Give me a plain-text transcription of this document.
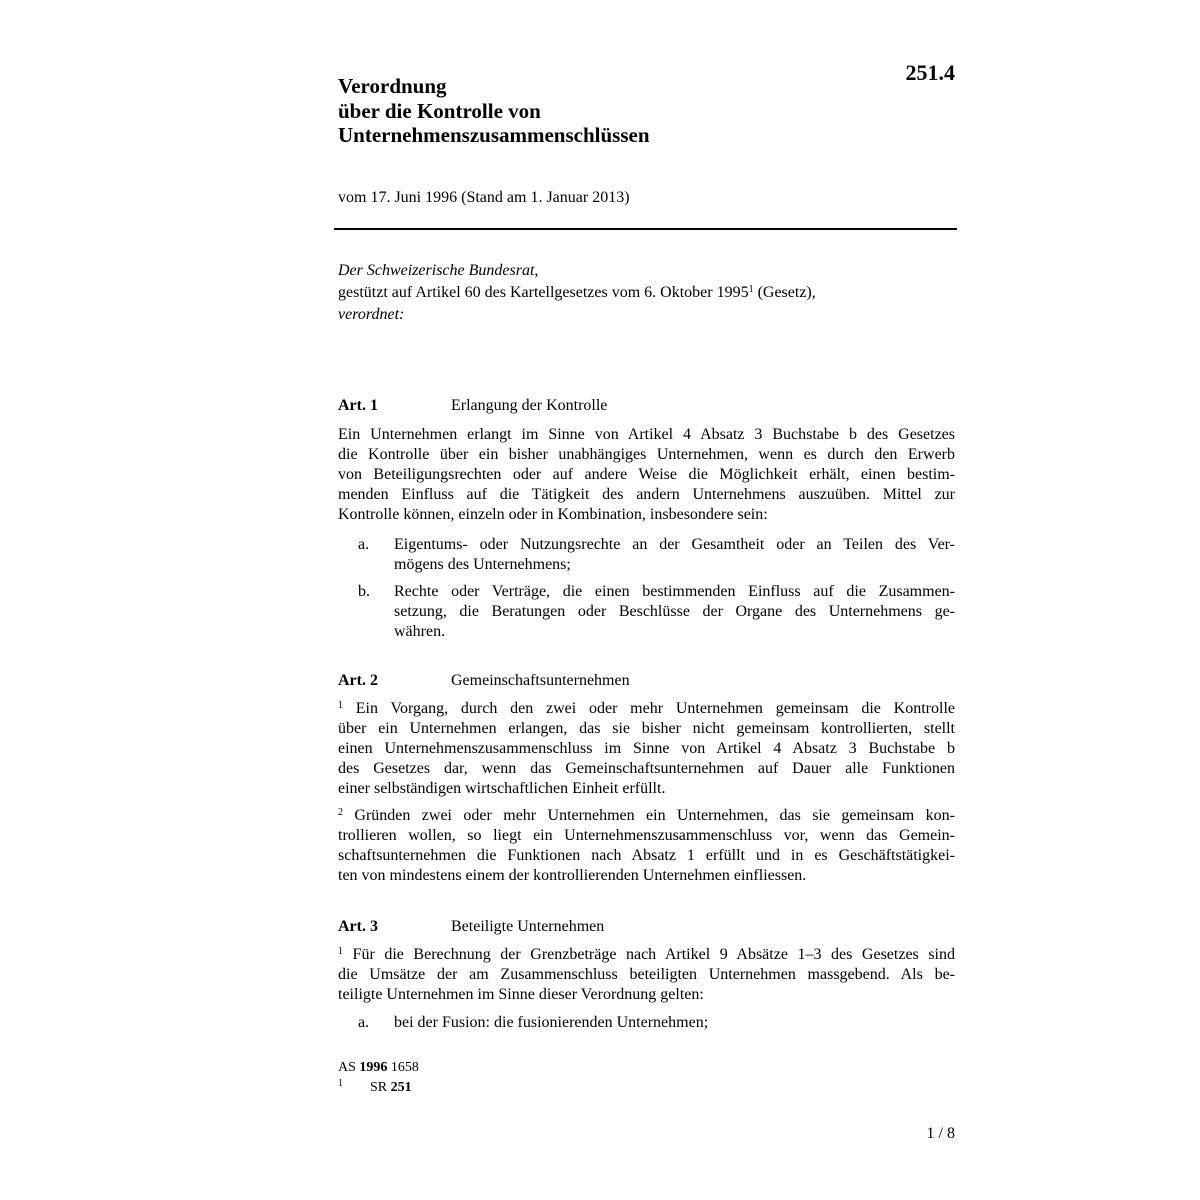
251.4
Verordnung
über die Kontrolle von
Unternehmenszusammenschlüssen
vom 17. Juni 1996 (Stand am 1. Januar 2013)
Der Schweizerische Bundesrat,
gestützt auf Artikel 60 des Kartellgesetzes vom 6. Oktober 1995$^1$ (Gesetz),
verordnet:
Art. 1	Erlangung der Kontrolle
Ein Unternehmen erlangt im Sinne von Artikel 4 Absatz 3 Buchstabe b des Gesetzes
die Kontrolle über ein bisher unabhängiges Unternehmen, wenn es durch den Erwerb
von Beteiligungsrechten oder auf andere Weise die Möglichkeit erhält, einen bestim-
menden Einfluss auf die Tätigkeit des andern Unternehmens auszuüben. Mittel zur
Kontrolle können, einzeln oder in Kombination, insbesondere sein:
a. Eigentums- oder Nutzungsrechte an der Gesamtheit oder an Teilen des Ver-
mögens des Unternehmens;
b. Rechte oder Verträge, die einen bestimmenden Einfluss auf die Zusammen-
setzung, die Beratungen oder Beschlüsse der Organe des Unternehmens ge-
währen.
Art. 2	Gemeinschaftsunternehmen
$^1$ Ein Vorgang, durch den zwei oder mehr Unternehmen gemeinsam die Kontrolle
über ein Unternehmen erlangen, das sie bisher nicht gemeinsam kontrollierten, stellt
einen Unternehmenszusammenschluss im Sinne von Artikel 4 Absatz 3 Buchstabe b
des Gesetzes dar, wenn das Gemeinschaftsunternehmen auf Dauer alle Funktionen
einer selbständigen wirtschaftlichen Einheit erfüllt.
$^2$ Gründen zwei oder mehr Unternehmen ein Unternehmen, das sie gemeinsam kon-
trollieren wollen, so liegt ein Unternehmenszusammenschluss vor, wenn das Gemein-
schaftsunternehmen die Funktionen nach Absatz 1 erfüllt und in es Geschäftstätigkei-
ten von mindestens einem der kontrollierenden Unternehmen einfliessen.
Art. 3	Beteiligte Unternehmen
$^1$ Für die Berechnung der Grenzbeträge nach Artikel 9 Absätze 1–3 des Gesetzes sind
die Umsätze der am Zusammenschluss beteiligten Unternehmen massgebend. Als be-
teiligte Unternehmen im Sinne dieser Verordnung gelten:
a. bei der Fusion: die fusionierenden Unternehmen;
AS 1996 1658
1 SR 251
1 / 8
